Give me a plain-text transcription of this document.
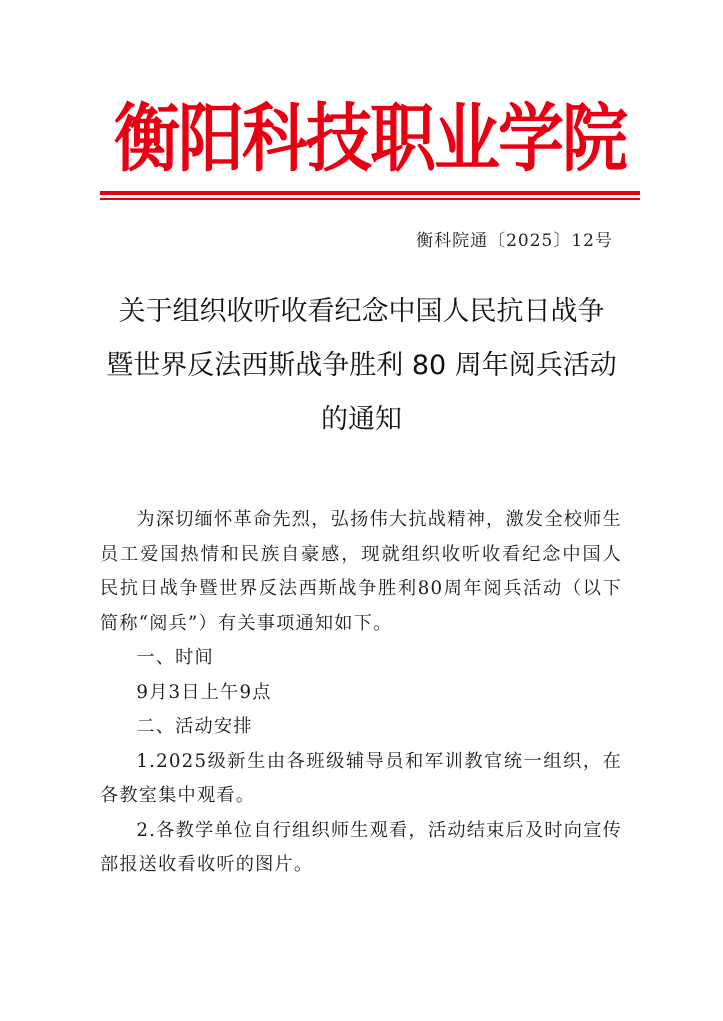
衡阳科技职业学院
衡科院通〔2025〕12号
关于组织收听收看纪念中国人民抗日战争
暨世界反法西斯战争胜利 80 周年阅兵活动
的通知

为深切缅怀革命先烈，弘扬伟大抗战精神，激发全校师生员工爱国热情和民族自豪感，现就组织收听收看纪念中国人民抗日战争暨世界反法西斯战争胜利80周年阅兵活动（以下简称“阅兵”）有关事项通知如下。

一、时间

9月3日上午9点

二、活动安排

1.2025级新生由各班级辅导员和军训教官统一组织，在各教室集中观看。

2.各教学单位自行组织师生观看，活动结束后及时向宣传部报送收看收听的图片。
